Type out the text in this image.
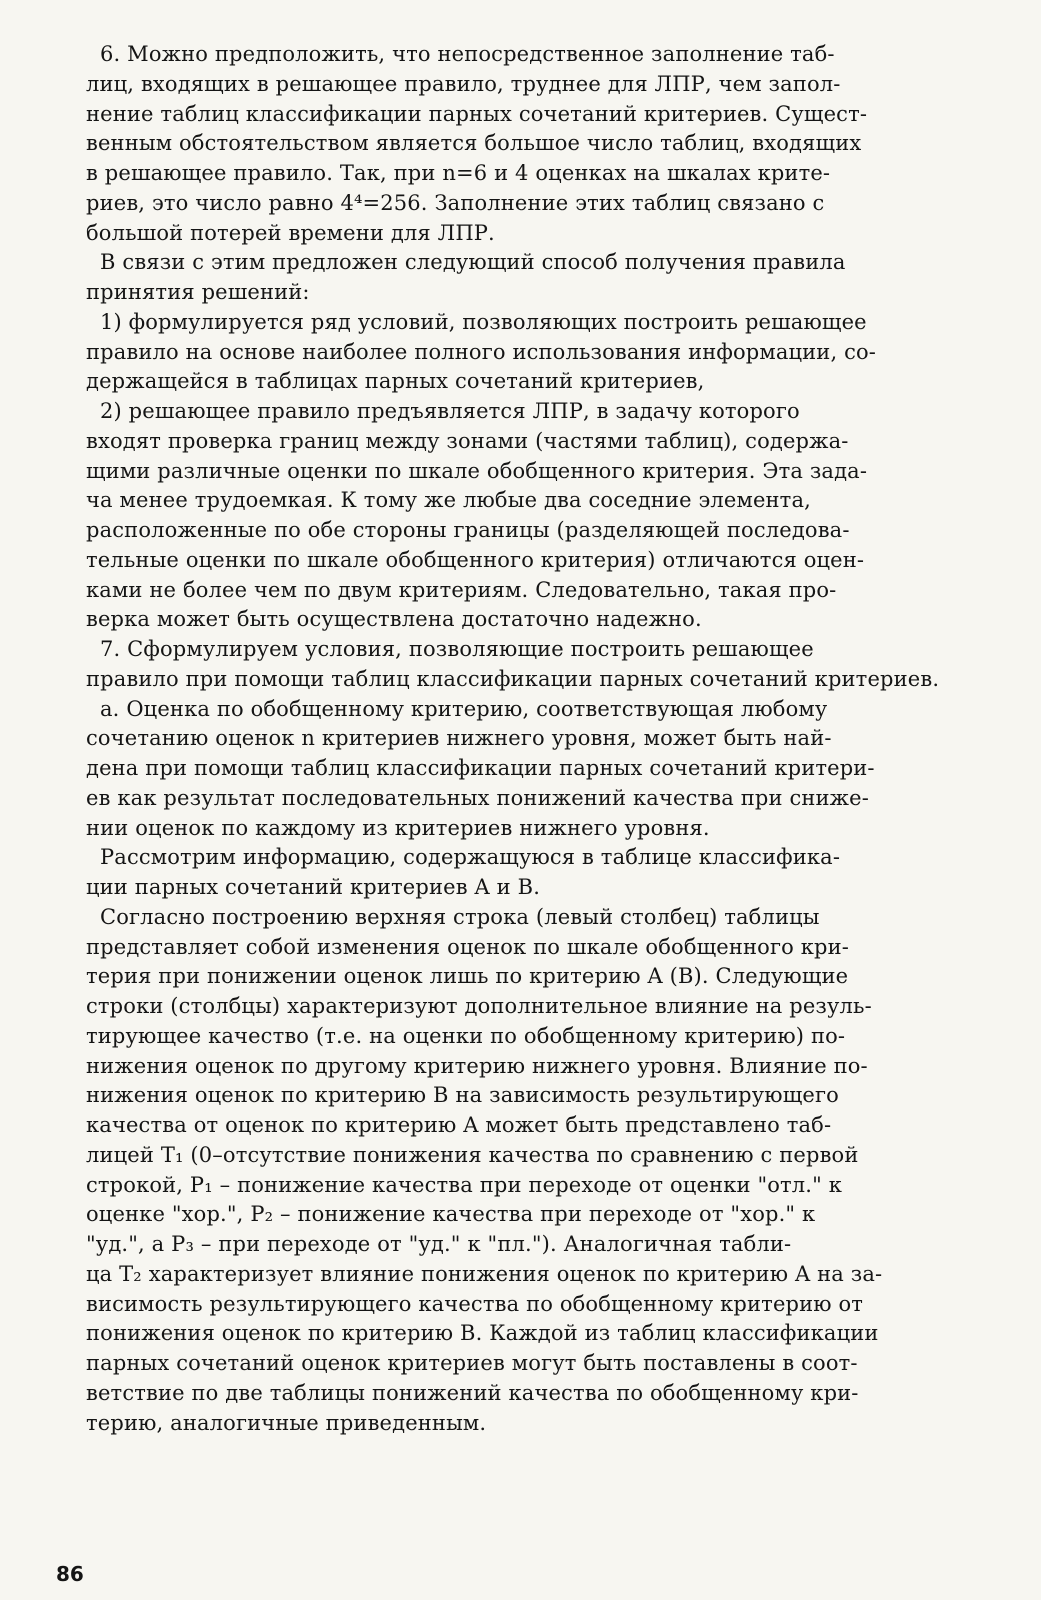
6. Можно предположить, что непосредственное заполнение таб-
лиц, входящих в решающее правило, труднее для ЛПР, чем запол-
нение таблиц классификации парных сочетаний критериев. Сущест-
венным обстоятельством является большое число таблиц, входящих
в решающее правило. Так, при n=6 и 4 оценках на шкалах крите-
риев, это число равно 4⁴=256. Заполнение этих таблиц связано с
большой потерей времени для ЛПР.
В связи с этим предложен следующий способ получения правила
принятия решений:
1) формулируется ряд условий, позволяющих построить решающее
правило на основе наиболее полного использования информации, со-
держащейся в таблицах парных сочетаний критериев,
2) решающее правило предъявляется ЛПР, в задачу которого
входят проверка границ между зонами (частями таблиц), содержа-
щими различные оценки по шкале обобщенного критерия. Эта зада-
ча менее трудоемкая. К тому же любые два соседние элемента,
расположенные по обе стороны границы (разделяющей последова-
тельные оценки по шкале обобщенного критерия) отличаются оцен-
ками не более чем по двум критериям. Следовательно, такая про-
верка может быть осуществлена достаточно надежно.
7. Сформулируем условия, позволяющие построить решающее
правило при помощи таблиц классификации парных сочетаний критериев.
а. Оценка по обобщенному критерию, соответствующая любому
сочетанию оценок n критериев нижнего уровня, может быть най-
дена при помощи таблиц классификации парных сочетаний критери-
ев как результат последовательных понижений качества при сниже-
нии оценок по каждому из критериев нижнего уровня.
Рассмотрим информацию, содержащуюся в таблице классифика-
ции парных сочетаний критериев A и B.
Согласно построению верхняя строка (левый столбец) таблицы
представляет собой изменения оценок по шкале обобщенного кри-
терия при понижении оценок лишь по критерию A (B). Следующие
строки (столбцы) характеризуют дополнительное влияние на резуль-
тирующее качество (т.е. на оценки по обобщенному критерию) по-
нижения оценок по другому критерию нижнего уровня. Влияние по-
нижения оценок по критерию B на зависимость результирующего
качества от оценок по критерию A может быть представлено таб-
лицей T₁ (0–отсутствие понижения качества по сравнению с первой
строкой, P₁ – понижение качества при переходе от оценки "отл." к
оценке "хор.", P₂ – понижение качества при переходе от "хор." к
"уд.", а P₃ – при переходе от "уд." к "пл."). Аналогичная табли-
ца T₂ характеризует влияние понижения оценок по критерию A на за-
висимость результирующего качества по обобщенному критерию от
понижения оценок по критерию B. Каждой из таблиц классификации
парных сочетаний оценок критериев могут быть поставлены в соот-
ветствие по две таблицы понижений качества по обобщенному кри-
терию, аналогичные приведенным.
86
